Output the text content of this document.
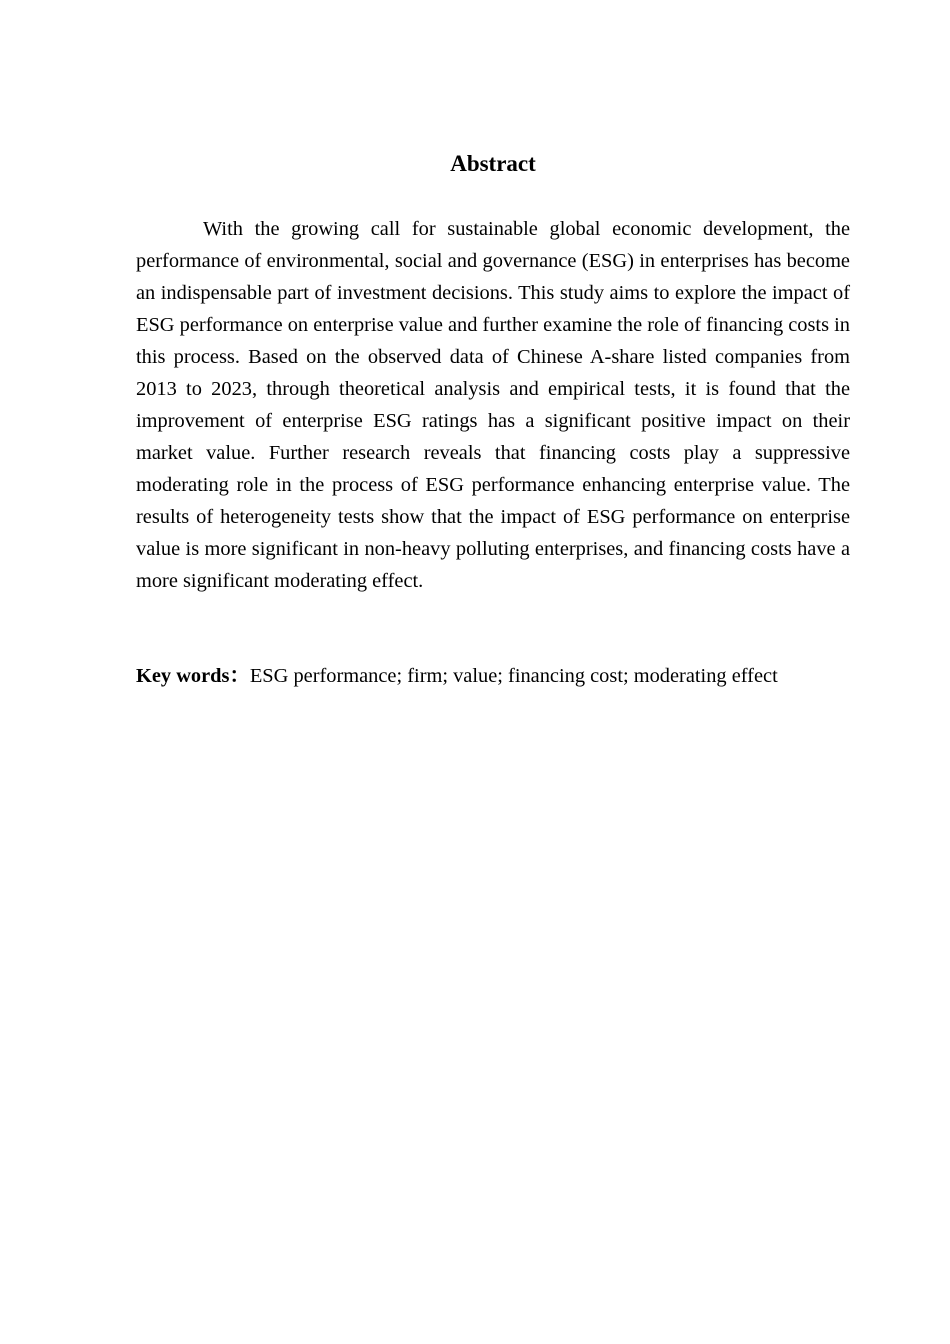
Abstract

With the growing call for sustainable global economic development, the performance of environmental, social and governance (ESG) in enterprises has become an indispensable part of investment decisions. This study aims to explore the impact of ESG performance on enterprise value and further examine the role of financing costs in this process. Based on the observed data of Chinese A-share listed companies from 2013 to 2023, through theoretical analysis and empirical tests, it is found that the improvement of enterprise ESG ratings has a significant positive impact on their market value. Further research reveals that financing costs play a suppressive moderating role in the process of ESG performance enhancing enterprise value. The results of heterogeneity tests show that the impact of ESG performance on enterprise value is more significant in non-heavy polluting enterprises, and financing costs have a more significant moderating effect.

Key words：ESG performance; firm; value; financing cost; moderating effect
